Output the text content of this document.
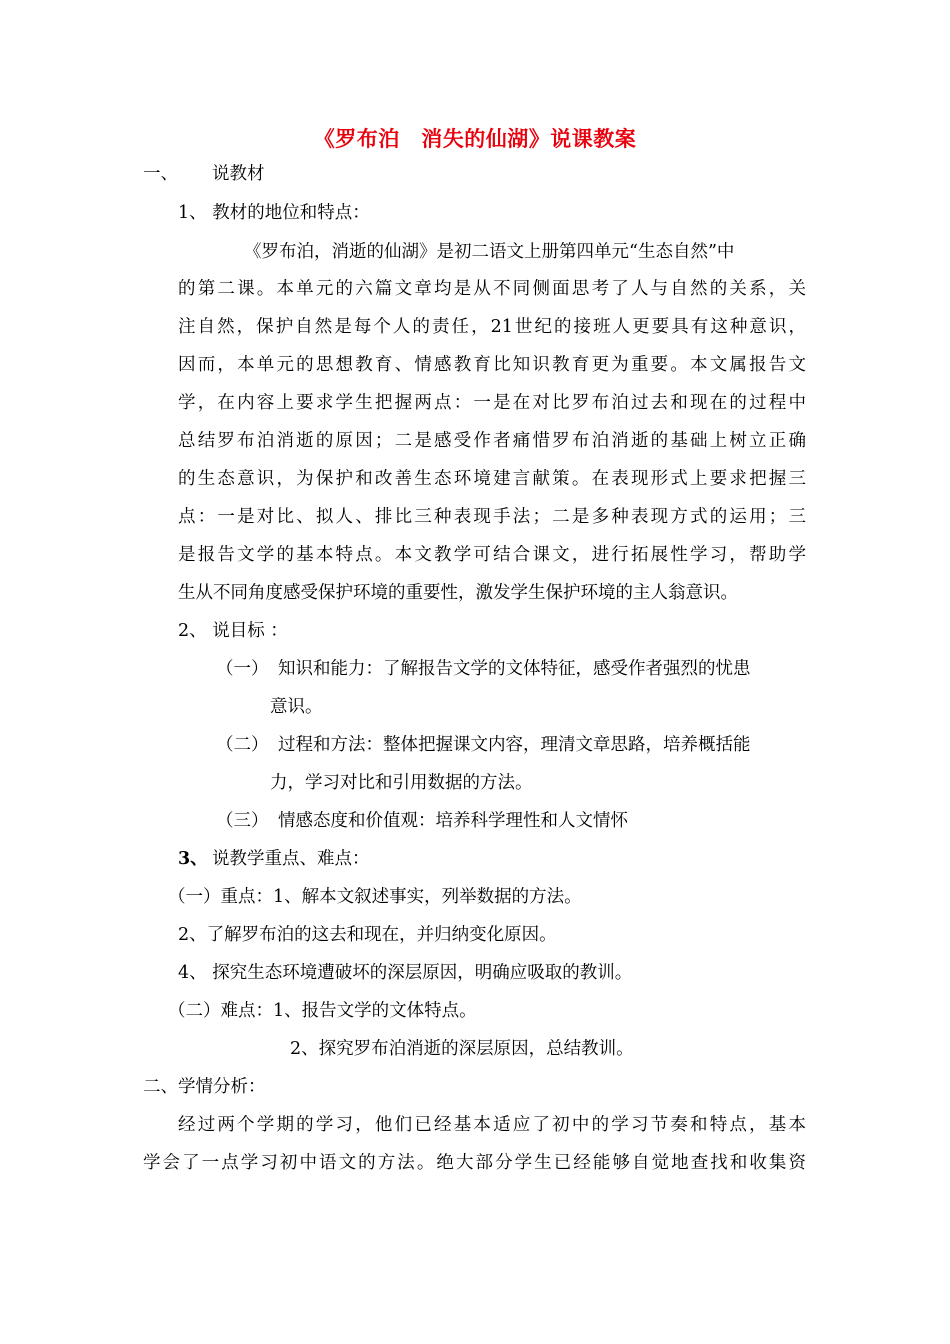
《罗布泊　消失的仙湖》说课教案
一、 说教材
1、 教材的地位和特点：
《罗布泊，消逝的仙湖》是初二语文上册第四单元“生态自然”中
的第二课。本单元的六篇文章均是从不同侧面思考了人与自然的关系，关
注自然，保护自然是每个人的责任，21世纪的接班人更要具有这种意识，
因而，本单元的思想教育、情感教育比知识教育更为重要。本文属报告文
学，在内容上要求学生把握两点：一是在对比罗布泊过去和现在的过程中
总结罗布泊消逝的原因；二是感受作者痛惜罗布泊消逝的基础上树立正确
的生态意识，为保护和改善生态环境建言献策。在表现形式上要求把握三
点：一是对比、拟人、排比三种表现手法；二是多种表现方式的运用；三
是报告文学的基本特点。本文教学可结合课文，进行拓展性学习，帮助学
生从不同角度感受保护环境的重要性，激发学生保护环境的主人翁意识。
2、 说目标 ：
（一） 知识和能力：了解报告文学的文体特征，感受作者强烈的忧患
意识。
（二） 过程和方法：整体把握课文内容，理清文章思路，培养概括能
力，学习对比和引用数据的方法。
（三） 情感态度和价值观：培养科学理性和人文情怀
3、 说教学重点、难点：
（一）重点：1、解本文叙述事实，列举数据的方法。
2、了解罗布泊的这去和现在，并归纳变化原因。
4、 探究生态环境遭破坏的深层原因，明确应吸取的教训。
（二）难点：1、报告文学的文体特点。
2、探究罗布泊消逝的深层原因，总结教训。
二、学情分析：
经过两个学期的学习，他们已经基本适应了初中的学习节奏和特点，基本
学会了一点学习初中语文的方法。绝大部分学生已经能够自觉地查找和收集资
